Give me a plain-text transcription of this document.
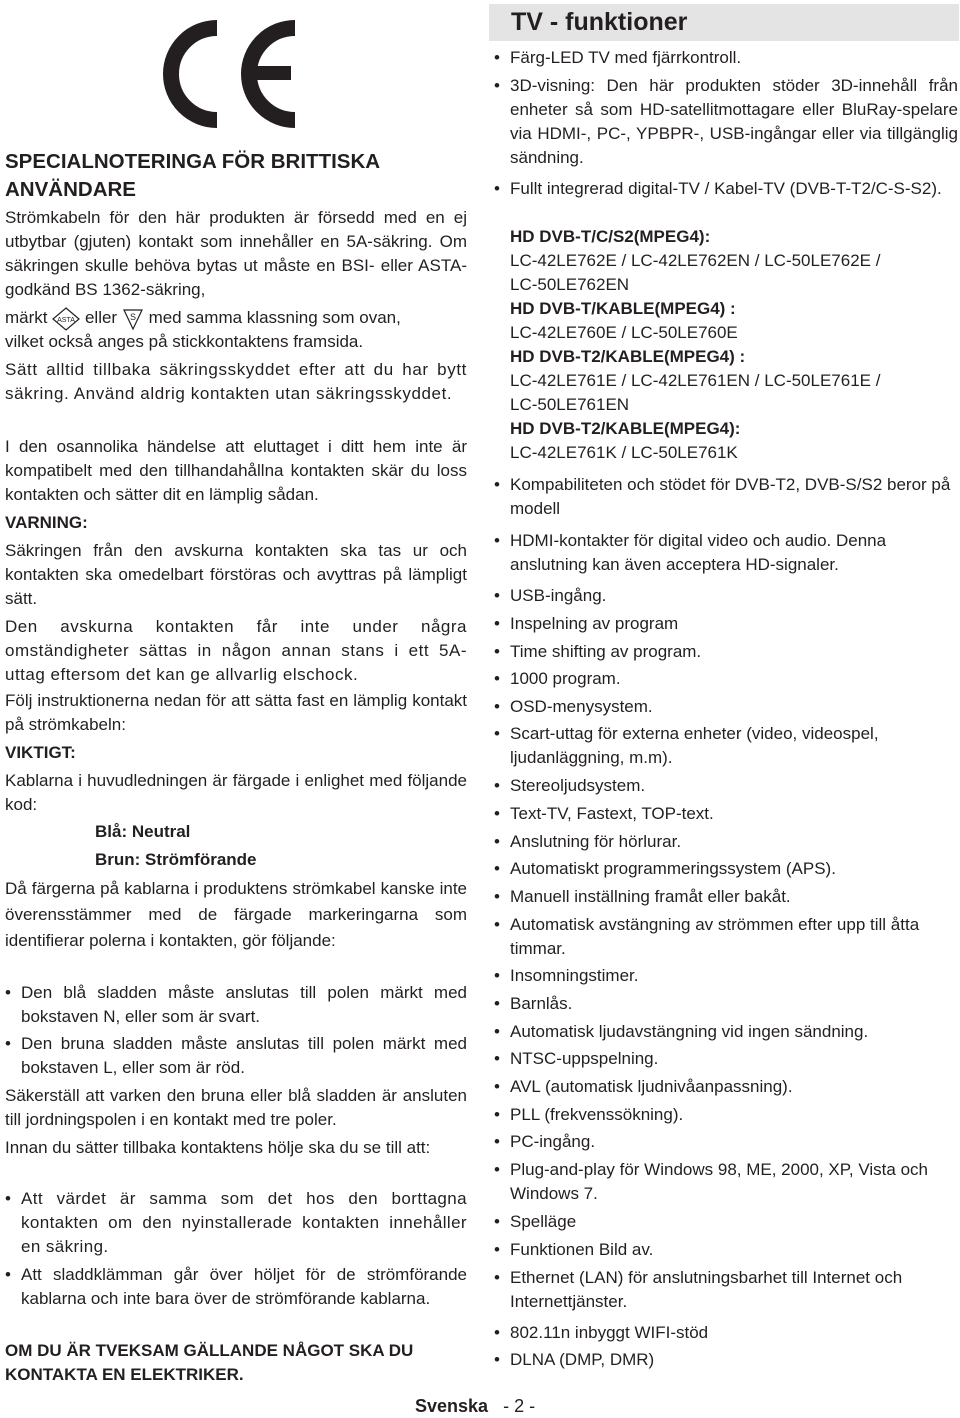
SPECIALNOTERINGA FÖR BRITTISKA
ANVÄNDARE
Strömkabeln för den här produkten är försedd med en ej utbytbar (gjuten) kontakt som innehåller en 5A-säkring. Om säkringen skulle behöva bytas ut måste en BSI- eller ASTA-godkänd BS 1362-säkring,
märkt ASTA eller S med samma klassning som ovan,
vilket också anges på stickkontaktens framsida.
Sätt alltid tillbaka säkringsskyddet efter att du har bytt säkring. Använd aldrig kontakten utan säkringsskyddet.
I den osannolika händelse att eluttaget i ditt hem inte är kompatibelt med den tillhandahållna kontakten skär du loss kontakten och sätter dit en lämplig sådan.
VARNING:
Säkringen från den avskurna kontakten ska tas ur och kontakten ska omedelbart förstöras och avyttras på lämpligt sätt.
Den avskurna kontakten får inte under några omständigheter sättas in någon annan stans i ett 5A-uttag eftersom det kan ge allvarlig elschock.
Följ instruktionerna nedan för att sätta fast en lämplig kontakt på strömkabeln:
VIKTIGT:
Kablarna i huvudledningen är färgade i enlighet med följande kod:
Blå: Neutral
Brun: Strömförande
Då färgerna på kablarna i produktens strömkabel kanske inte överensstämmer med de färgade markeringarna som identifierar polerna i kontakten, gör följande:
• Den blå sladden måste anslutas till polen märkt med bokstaven N, eller som är svart.
• Den bruna sladden måste anslutas till polen märkt med bokstaven L, eller som är röd.
Säkerställ att varken den bruna eller blå sladden är ansluten till jordningspolen i en kontakt med tre poler.
Innan du sätter tillbaka kontaktens hölje ska du se till att:
• Att värdet är samma som det hos den borttagna kontakten om den nyinstallerade kontakten innehåller en säkring.
• Att sladdklämman går över höljet för de strömförande kablarna och inte bara över de strömförande kablarna.
OM DU ÄR TVEKSAM GÄLLANDE NÅGOT SKA DU KONTAKTA EN ELEKTRIKER.
TV - funktioner
• Färg-LED TV med fjärrkontroll.
• 3D-visning: Den här produkten stöder 3D-innehåll från enheter så som HD-satellitmottagare eller BluRay-spelare via HDMI-, PC-, YPBPR-, USB-ingångar eller via tillgänglig sändning.
• Fullt integrerad digital-TV / Kabel-TV (DVB-T-T2/C-S-S2).
HD DVB-T/C/S2(MPEG4):
LC-42LE762E / LC-42LE762EN / LC-50LE762E /
LC-50LE762EN
HD DVB-T/KABLE(MPEG4) :
LC-42LE760E / LC-50LE760E
HD DVB-T2/KABLE(MPEG4) :
LC-42LE761E / LC-42LE761EN / LC-50LE761E /
LC-50LE761EN
HD DVB-T2/KABLE(MPEG4):
LC-42LE761K / LC-50LE761K
• Kompabiliteten och stödet för DVB-T2, DVB-S/S2 beror på modell
• HDMI-kontakter för digital video och audio. Denna anslutning kan även acceptera HD-signaler.
• USB-ingång.
• Inspelning av program
• Time shifting av program.
• 1000 program.
• OSD-menysystem.
• Scart-uttag för externa enheter (video, videospel, ljudanläggning, m.m).
• Stereoljudsystem.
• Text-TV, Fastext, TOP-text.
• Anslutning för hörlurar.
• Automatiskt programmeringssystem (APS).
• Manuell inställning framåt eller bakåt.
• Automatisk avstängning av strömmen efter upp till åtta timmar.
• Insomningstimer.
• Barnlås.
• Automatisk ljudavstängning vid ingen sändning.
• NTSC-uppspelning.
• AVL (automatisk ljudnivåanpassning).
• PLL (frekvenssökning).
• PC-ingång.
• Plug-and-play för Windows 98, ME, 2000, XP, Vista och Windows 7.
• Spelläge
• Funktionen Bild av.
• Ethernet (LAN) för anslutningsbarhet till Internet och Internettjänster.
• 802.11n inbyggt WIFI-stöd
• DLNA (DMP, DMR)
Svenska - 2 -
